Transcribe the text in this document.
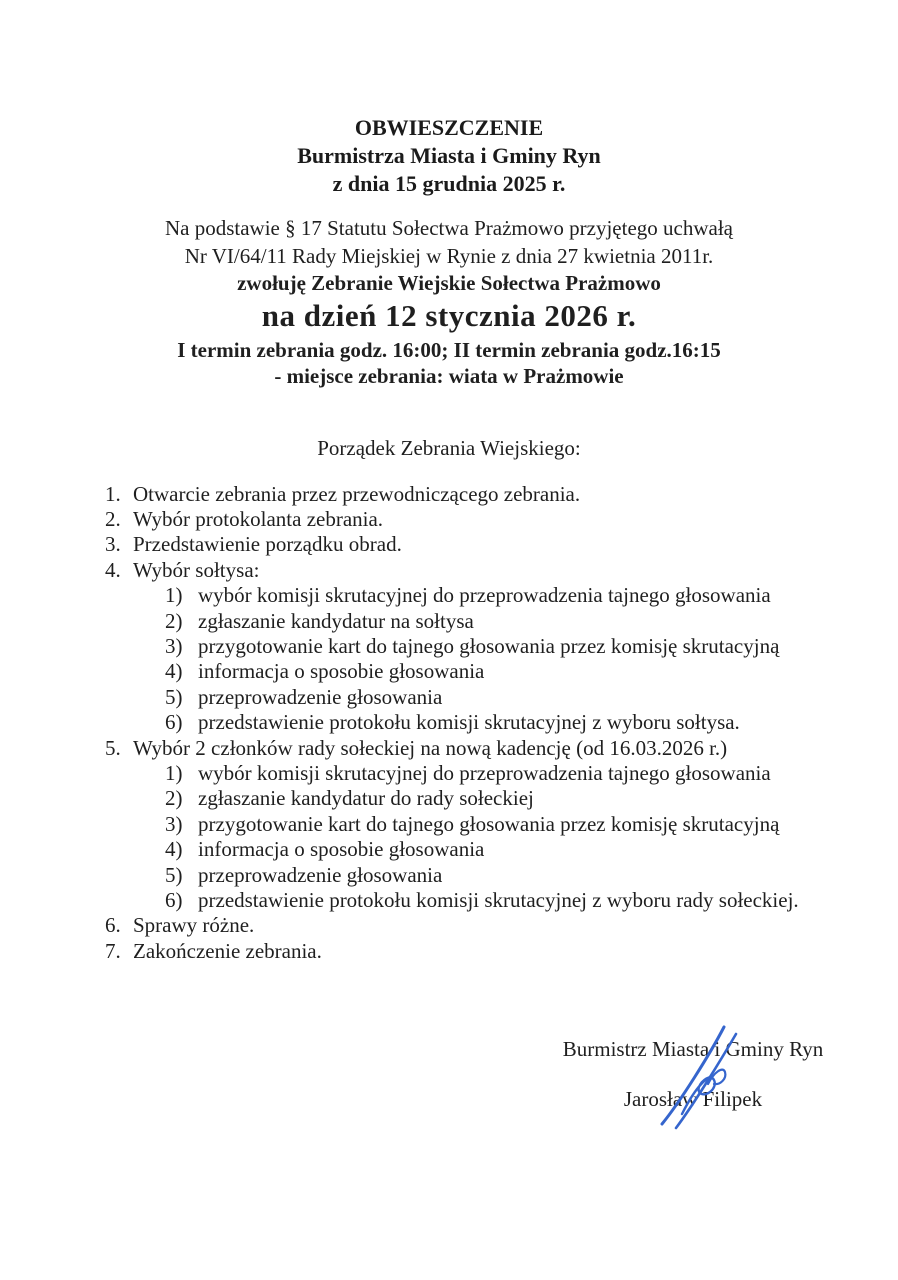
OBWIESZCZENIE
Burmistrza Miasta i Gminy Ryn
z dnia 15 grudnia 2025 r.
Na podstawie § 17 Statutu Sołectwa Prażmowo przyjętego uchwałą
Nr VI/64/11 Rady Miejskiej w Rynie z dnia 27 kwietnia 2011r.
zwołuję Zebranie Wiejskie Sołectwa Prażmowo
na dzień 12 stycznia 2026 r.
I termin zebrania godz. 16:00; II termin zebrania godz.16:15
- miejsce zebrania: wiata w Prażmowie
Porządek Zebrania Wiejskiego:
1. Otwarcie zebrania przez przewodniczącego zebrania.
2. Wybór protokolanta zebrania.
3. Przedstawienie porządku obrad.
4. Wybór sołtysa:
1) wybór komisji skrutacyjnej do przeprowadzenia tajnego głosowania
2) zgłaszanie kandydatur na sołtysa
3) przygotowanie kart do tajnego głosowania przez komisję skrutacyjną
4) informacja o sposobie głosowania
5) przeprowadzenie głosowania
6) przedstawienie protokołu komisji skrutacyjnej z wyboru sołtysa.
5. Wybór 2 członków rady sołeckiej na nową kadencję (od 16.03.2026 r.)
1) wybór komisji skrutacyjnej do przeprowadzenia tajnego głosowania
2) zgłaszanie kandydatur do rady sołeckiej
3) przygotowanie kart do tajnego głosowania przez komisję skrutacyjną
4) informacja o sposobie głosowania
5) przeprowadzenie głosowania
6) przedstawienie protokołu komisji skrutacyjnej z wyboru rady sołeckiej.
6. Sprawy różne.
7. Zakończenie zebrania.
Burmistrz Miasta i Gminy Ryn
Jarosław Filipek
